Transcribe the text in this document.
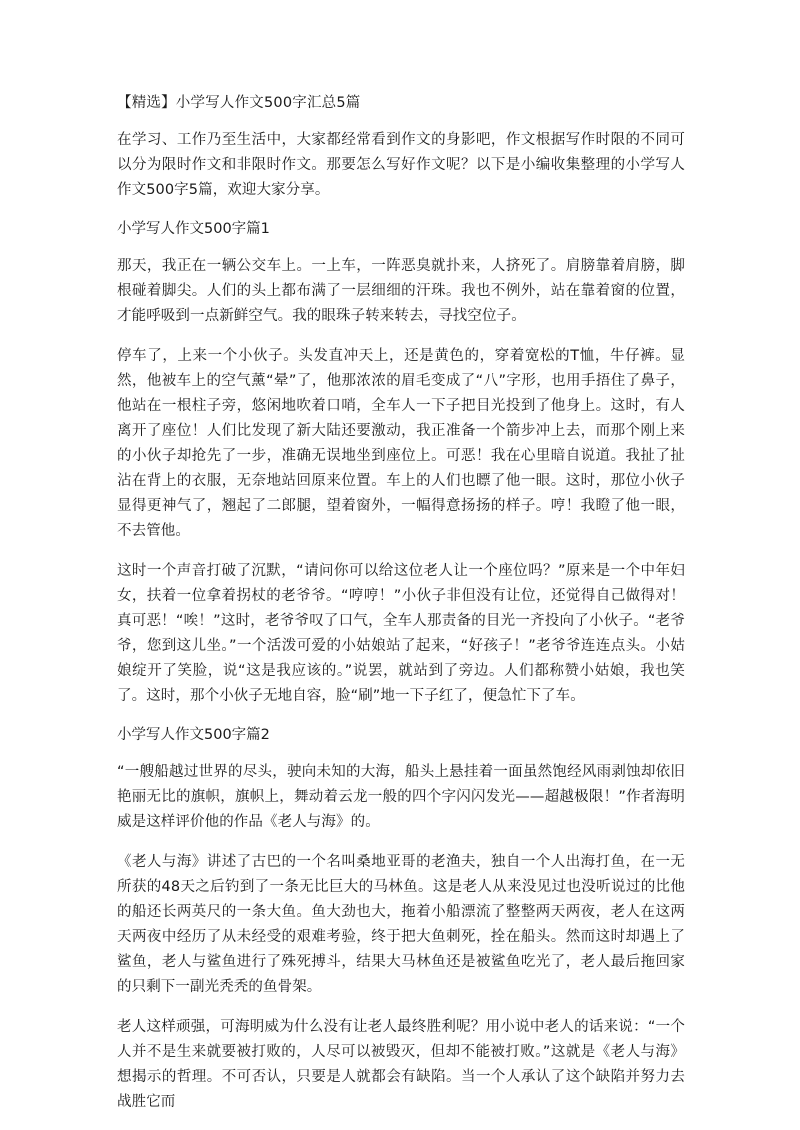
【精选】小学写人作文500字汇总5篇

在学习、工作乃至生活中，大家都经常看到作文的身影吧，作文根据写作时限的不同可以分为限时作文和非限时作文。那要怎么写好作文呢？以下是小编收集整理的小学写人作文500字5篇，欢迎大家分享。

小学写人作文500字篇1

那天，我正在一辆公交车上。一上车，一阵恶臭就扑来，人挤死了。肩膀靠着肩膀，脚根碰着脚尖。人们的头上都布满了一层细细的汗珠。我也不例外，站在靠着窗的位置，才能呼吸到一点新鲜空气。我的眼珠子转来转去，寻找空位子。

停车了，上来一个小伙子。头发直冲天上，还是黄色的，穿着宽松的T恤，牛仔裤。显然，他被车上的空气薰“晕”了，他那浓浓的眉毛变成了“八”字形，也用手捂住了鼻子，他站在一根柱子旁，悠闲地吹着口哨，全车人一下子把目光投到了他身上。这时，有人离开了座位！人们比发现了新大陆还要激动，我正准备一个箭步冲上去，而那个刚上来的小伙子却抢先了一步，准确无误地坐到座位上。可恶！我在心里暗自说道。我扯了扯沾在背上的衣服，无奈地站回原来位置。车上的人们也瞟了他一眼。这时，那位小伙子显得更神气了，翘起了二郎腿，望着窗外，一幅得意扬扬的样子。哼！我瞪了他一眼，不去管他。

这时一个声音打破了沉默，“请问你可以给这位老人让一个座位吗？”原来是一个中年妇女，扶着一位拿着拐杖的老爷爷。“哼哼！”小伙子非但没有让位，还觉得自己做得对！真可恶！“唉！”这时，老爷爷叹了口气，全车人那责备的目光一齐投向了小伙子。“老爷爷，您到这儿坐。”一个活泼可爱的小姑娘站了起来，“好孩子！”老爷爷连连点头。小姑娘绽开了笑脸，说“这是我应该的。”说罢，就站到了旁边。人们都称赞小姑娘，我也笑了。这时，那个小伙子无地自容，脸“刷”地一下子红了，便急忙下了车。

小学写人作文500字篇2

“一艘船越过世界的尽头，驶向未知的大海，船头上悬挂着一面虽然饱经风雨剥蚀却依旧艳丽无比的旗帜，旗帜上，舞动着云龙一般的四个字闪闪发光——超越极限！”作者海明威是这样评价他的作品《老人与海》的。

《老人与海》讲述了古巴的一个名叫桑地亚哥的老渔夫，独自一个人出海打鱼，在一无所获的48天之后钓到了一条无比巨大的马林鱼。这是老人从来没见过也没听说过的比他的船还长两英尺的一条大鱼。鱼大劲也大，拖着小船漂流了整整两天两夜，老人在这两天两夜中经历了从未经受的艰难考验，终于把大鱼刺死，拴在船头。然而这时却遇上了鲨鱼，老人与鲨鱼进行了殊死搏斗，结果大马林鱼还是被鲨鱼吃光了，老人最后拖回家的只剩下一副光秃秃的鱼骨架。

老人这样顽强，可海明威为什么没有让老人最终胜利呢？用小说中老人的话来说：“一个人并不是生来就要被打败的，人尽可以被毁灭，但却不能被打败。”这就是《老人与海》想揭示的哲理。不可否认，只要是人就都会有缺陷。当一个人承认了这个缺陷并努力去战胜它而
